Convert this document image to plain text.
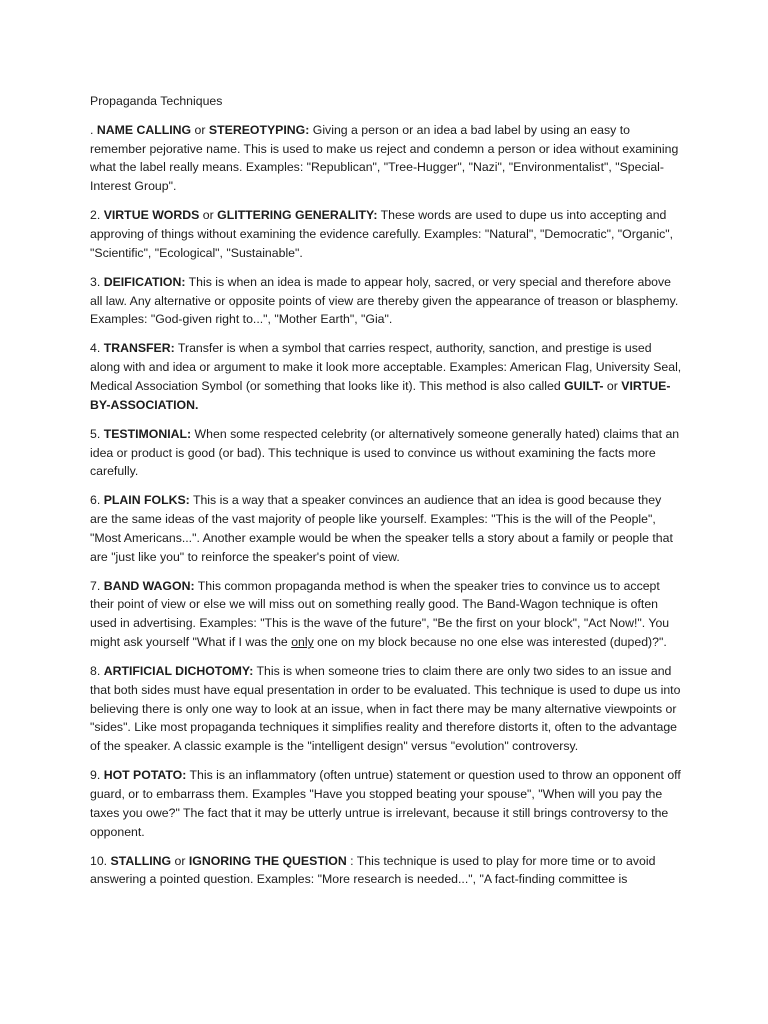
Propaganda Techniques

. NAME CALLING or STEREOTYPING: Giving a person or an idea a bad label by using an easy to remember pejorative name. This is used to make us reject and condemn a person or idea without examining what the label really means. Examples: "Republican", "Tree-Hugger", "Nazi", "Environmentalist", "Special-Interest Group".

2. VIRTUE WORDS or GLITTERING GENERALITY: These words are used to dupe us into accepting and approving of things without examining the evidence carefully. Examples: "Natural", "Democratic", "Organic", "Scientific", "Ecological", "Sustainable".

3. DEIFICATION: This is when an idea is made to appear holy, sacred, or very special and therefore above all law. Any alternative or opposite points of view are thereby given the appearance of treason or blasphemy. Examples: "God-given right to...", "Mother Earth", "Gia".

4. TRANSFER: Transfer is when a symbol that carries respect, authority, sanction, and prestige is used along with and idea or argument to make it look more acceptable. Examples: American Flag, University Seal, Medical Association Symbol (or something that looks like it). This method is also called GUILT- or VIRTUE-BY-ASSOCIATION.

5. TESTIMONIAL: When some respected celebrity (or alternatively someone generally hated) claims that an idea or product is good (or bad). This technique is used to convince us without examining the facts more carefully.

6. PLAIN FOLKS: This is a way that a speaker convinces an audience that an idea is good because they are the same ideas of the vast majority of people like yourself. Examples: "This is the will of the People", "Most Americans...". Another example would be when the speaker tells a story about a family or people that are "just like you" to reinforce the speaker's point of view.

7. BAND WAGON: This common propaganda method is when the speaker tries to convince us to accept their point of view or else we will miss out on something really good. The Band-Wagon technique is often used in advertising. Examples: "This is the wave of the future", "Be the first on your block", "Act Now!". You might ask yourself "What if I was the only one on my block because no one else was interested (duped)?".

8. ARTIFICIAL DICHOTOMY: This is when someone tries to claim there are only two sides to an issue and that both sides must have equal presentation in order to be evaluated. This technique is used to dupe us into believing there is only one way to look at an issue, when in fact there may be many alternative viewpoints or "sides". Like most propaganda techniques it simplifies reality and therefore distorts it, often to the advantage of the speaker. A classic example is the "intelligent design" versus "evolution" controversy.

9. HOT POTATO: This is an inflammatory (often untrue) statement or question used to throw an opponent off guard, or to embarrass them. Examples "Have you stopped beating your spouse", "When will you pay the taxes you owe?" The fact that it may be utterly untrue is irrelevant, because it still brings controversy to the opponent.

10. STALLING or IGNORING THE QUESTION : This technique is used to play for more time or to avoid answering a pointed question. Examples: "More research is needed...", "A fact-finding committee is
